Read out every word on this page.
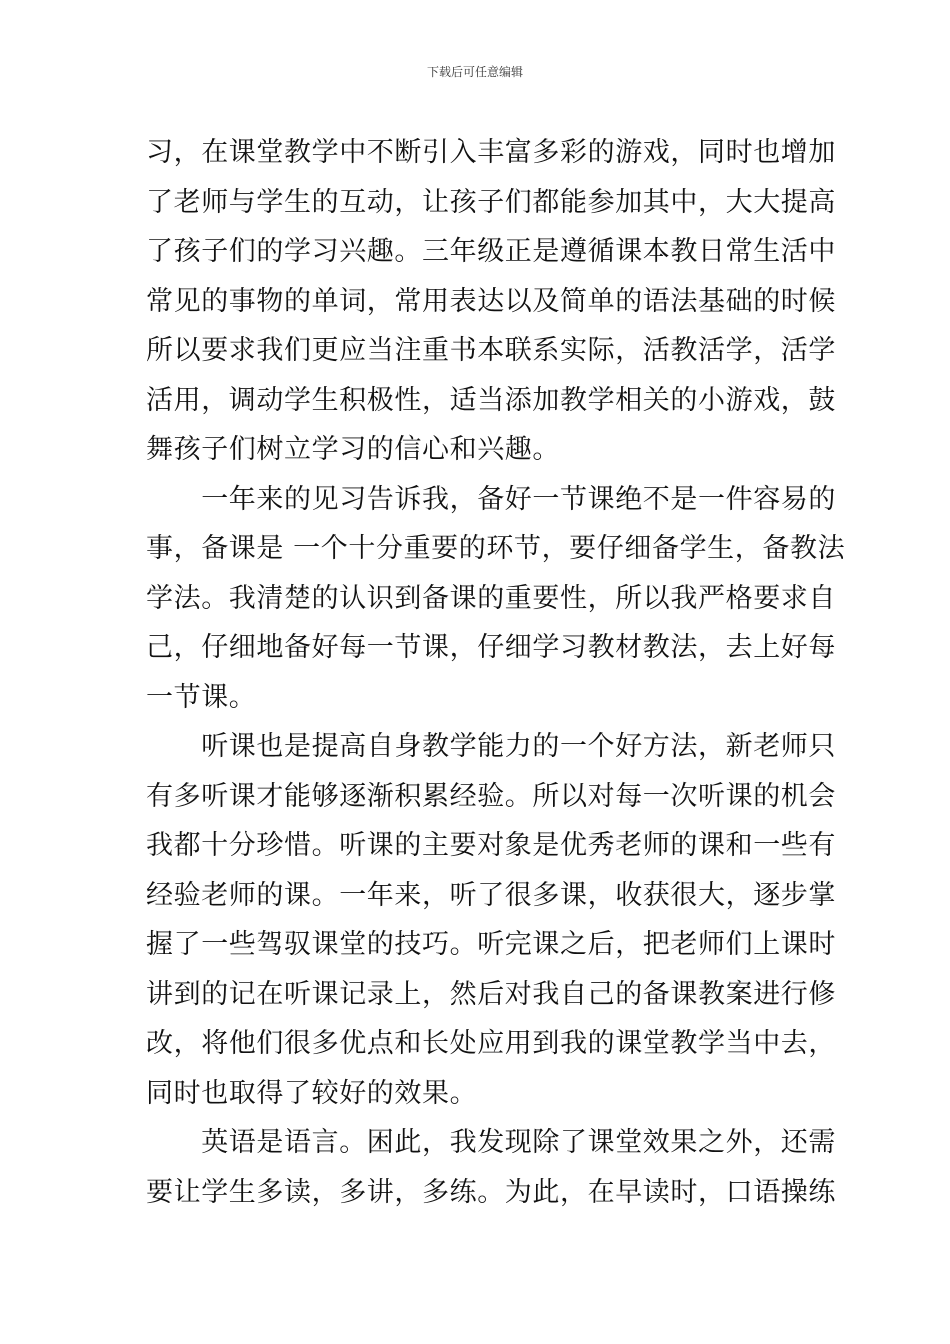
下载后可任意编辑
习，在课堂教学中不断引入丰富多彩的游戏，同时也增加
了老师与学生的互动，让孩子们都能参加其中，大大提高
了孩子们的学习兴趣。三年级正是遵循课本教日常生活中
常见的事物的单词，常用表达以及简单的语法基础的时候
所以要求我们更应当注重书本联系实际，活教活学，活学
活用，调动学生积极性，适当添加教学相关的小游戏，鼓
舞孩子们树立学习的信心和兴趣。
　　一年来的见习告诉我，备好一节课绝不是一件容易的
事，备课是 一个十分重要的环节，要仔细备学生，备教法
学法。我清楚的认识到备课的重要性，所以我严格要求自
己，仔细地备好每一节课，仔细学习教材教法，去上好每
一节课。
　　听课也是提高自身教学能力的一个好方法，新老师只
有多听课才能够逐渐积累经验。所以对每一次听课的机会
我都十分珍惜。听课的主要对象是优秀老师的课和一些有
经验老师的课。一年来，听了很多课，收获很大，逐步掌
握了一些驾驭课堂的技巧。听完课之后，把老师们上课时
讲到的记在听课记录上，然后对我自己的备课教案进行修
改，将他们很多优点和长处应用到我的课堂教学当中去，
同时也取得了较好的效果。
　　英语是语言。困此，我发现除了课堂效果之外，还需
要让学生多读，多讲，多练。为此，在早读时，口语操练
